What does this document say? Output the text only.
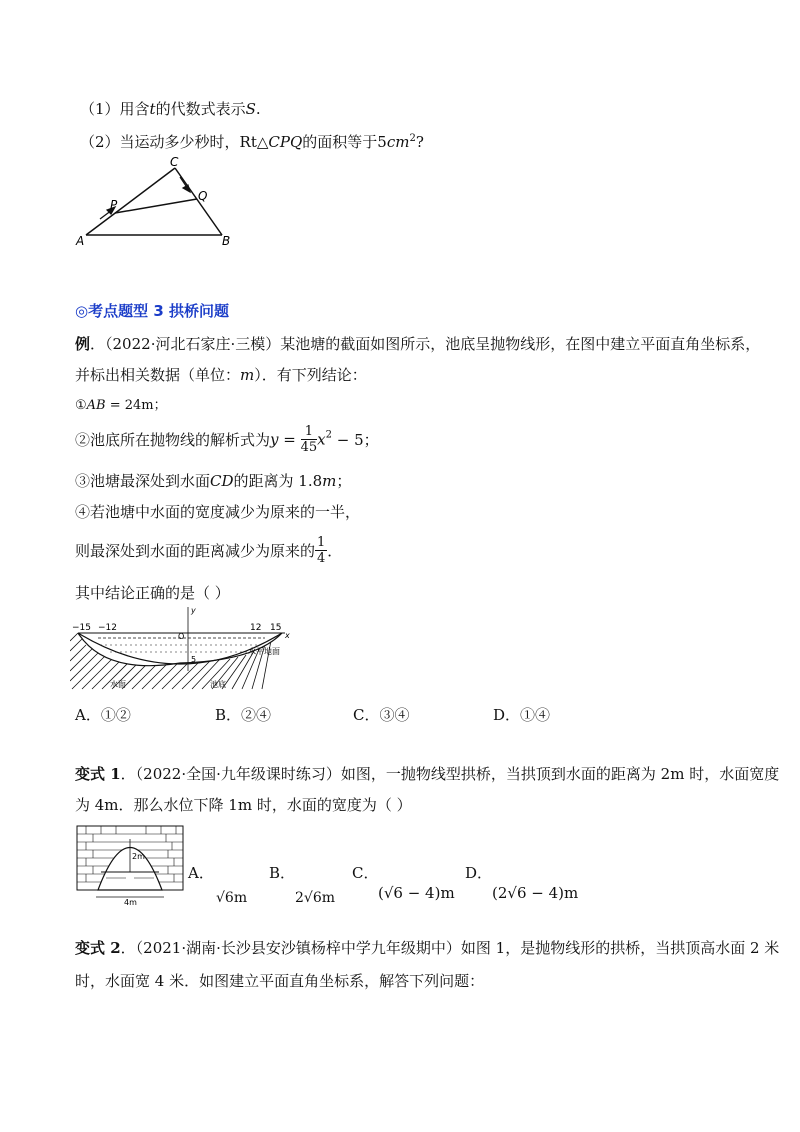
（1）用含t的代数式表示S.
（2）当运动多少秒时，Rt△CPQ的面积等于$5cm^2$?
C
Q
P
A	B
◎考点题型 3 拱桥问题
例．（2022·河北石家庄·三模）某池塘的截面如图所示，池底呈抛物线形，在图中建立平面直角坐标系，
并标出相关数据（单位：m）．有下列结论：
①AB = 24m；
②池底所在抛物线的解析式为$y = \frac{1}{45} x^2 - 5$；
③池塘最深处到水面CD的距离为 1.8m；
④若池塘中水面的宽度减少为原来的一半，
则最深处到水面的距离减少为原来的 $\frac{1}{4}$ ．
其中结论正确的是（ ）
y
−15 −12
O
12 15
x
5
水平地面
水面	池底
A．①②	B．②④	C．③④	D．①④
变式 1．（2022·全国·九年级课时练习）如图，一抛物线型拱桥，当拱顶到水面的距离为 2m 时，水面宽度
为 4m．那么水位下降 1m 时，水面的宽度为（ ）
2m
4m
A．	B．	C．	D．
√6m	2√6m	(√6 − 4)m (2√6 − 4)m
变式 2．（2021·湖南·长沙县安沙镇杨梓中学九年级期中）如图 1，是抛物线形的拱桥，当拱顶高水面 2 米
时，水面宽 4 米．如图建立平面直角坐标系，解答下列问题：
